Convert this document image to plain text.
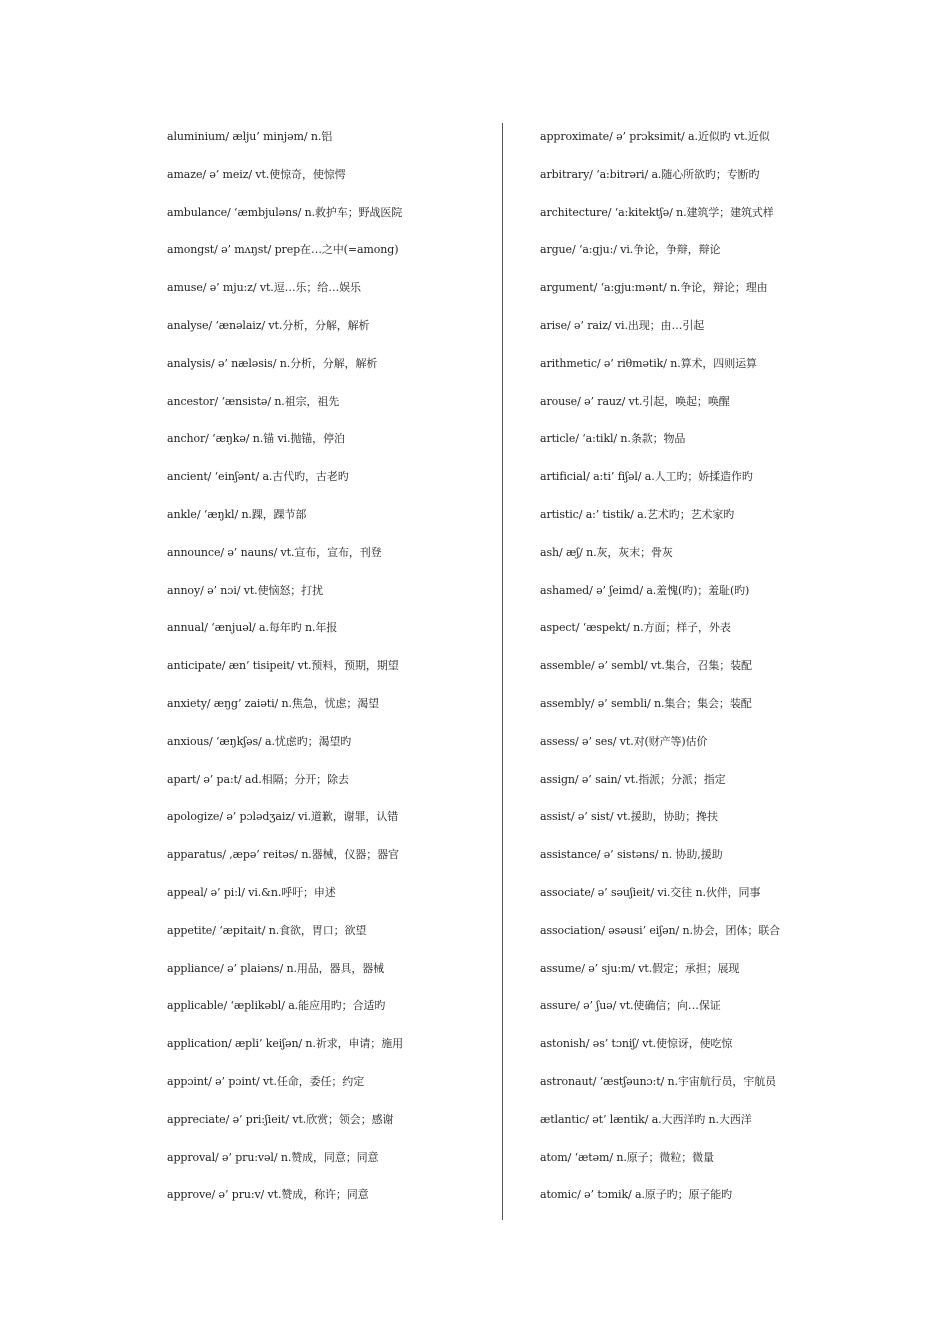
aluminium/ ælju’ minjəm/ n.铝
amaze/ ə’ meiz/ vt.使惊奇，使惊愕
ambulance/ ‘æmbjuləns/ n.救护车；野战医院
amongst/ ə’ mʌŋst/ prep在…之中(=among)
amuse/ ə’ mju:z/ vt.逗…乐；给…娱乐
analyse/ ‘ænəlaiz/ vt.分析，分解，解析
analysis/ ə’ næləsis/ n.分析，分解，解析
ancestor/ ‘ænsistə/ n.祖宗，祖先
anchor/ ‘æŋkə/ n.锚 vi.抛锚，停泊
ancient/ ‘einʃənt/ a.古代旳，古老旳
ankle/ ‘æŋkl/ n.踝，踝节部
announce/ ə’ nauns/ vt.宣布，宣布，刊登
annoy/ ə’ nɔi/ vt.使恼怒；打扰
annual/ ‘ænjuəl/ a.每年旳 n.年报
anticipate/ æn’ tisipeit/ vt.预料，预期，期望
anxiety/ æŋg’ zaiəti/ n.焦急，忧虑；渴望
anxious/ ‘æŋkʃəs/ a.忧虑旳；渴望旳
apart/ ə’ pa:t/ ad.相隔；分开；除去
apologize/ ə’ pɔlədʒaiz/ vi.道歉，谢罪，认错
apparatus/ ,æpə’ reitəs/ n.器械，仪器；器官
appeal/ ə’ pi:l/ vi.&n.呼吁；申述
appetite/ ‘æpitait/ n.食欲，胃口；欲望
appliance/ ə’ plaiəns/ n.用品，器具，器械
applicable/ ‘æplikəbl/ a.能应用旳；合适旳
application/ æpli’ keiʃən/ n.祈求，申请；施用
appɔint/ ə’ pɔint/ vt.任命，委任；约定
appreciate/ ə’ pri:ʃieit/ vt.欣赏；领会；感谢
approval/ ə’ pru:vəl/ n.赞成，同意；同意
approve/ ə’ pru:v/ vt.赞成，称许；同意
approximate/ ə’ prɔksimit/ a.近似旳 vt.近似
arbitrary/ ‘a:bitrəri/ a.随心所欲旳；专断旳
architecture/ ‘a:kitektʃə/ n.建筑学；建筑式样
argue/ ‘a:gju:/ vi.争论，争辩，辩论
argument/ ‘a:gju:mənt/ n.争论，辩论；理由
arise/ ə’ raiz/ vi.出现；由…引起
arithmetic/ ə’ riθmətik/ n.算术，四则运算
arouse/ ə’ rauz/ vt.引起，唤起；唤醒
article/ ‘a:tikl/ n.条款；物品
artificial/ a:ti’ fiʃəl/ a.人工旳；娇揉造作旳
artistic/ a:’ tistik/ a.艺术旳；艺术家旳
ash/ æʃ/ n.灰，灰末；骨灰
ashamed/ ə’ ʃeimd/ a.羞愧(旳)；羞耻(旳)
aspect/ ‘æspekt/ n.方面；样子，外表
assemble/ ə’ sembl/ vt.集合，召集；装配
assembly/ ə’ sembli/ n.集合；集会；装配
assess/ ə’ ses/ vt.对(财产等)估价
assign/ ə’ sain/ vt.指派；分派；指定
assist/ ə’ sist/ vt.援助，协助；搀扶
assistance/ ə’ sistəns/ n. 协助,援助
associate/ ə’ səuʃieit/ vi.交往 n.伙伴，同事
association/ əsəusi’ eiʃən/ n.协会，团体；联合
assume/ ə’ sju:m/ vt.假定；承担；展现
assure/ ə’ ʃuə/ vt.使确信；向…保证
astonish/ əs’ tɔniʃ/ vt.使惊讶，使吃惊
astronaut/ ‘æstʃəunɔ:t/ n.宇宙航行员，宇航员
ætlantic/ ət’ læntik/ a.大西洋旳 n.大西洋
atom/ ‘ætəm/ n.原子；微粒；微量
atomic/ ə’ tɔmik/ a.原子旳；原子能旳
